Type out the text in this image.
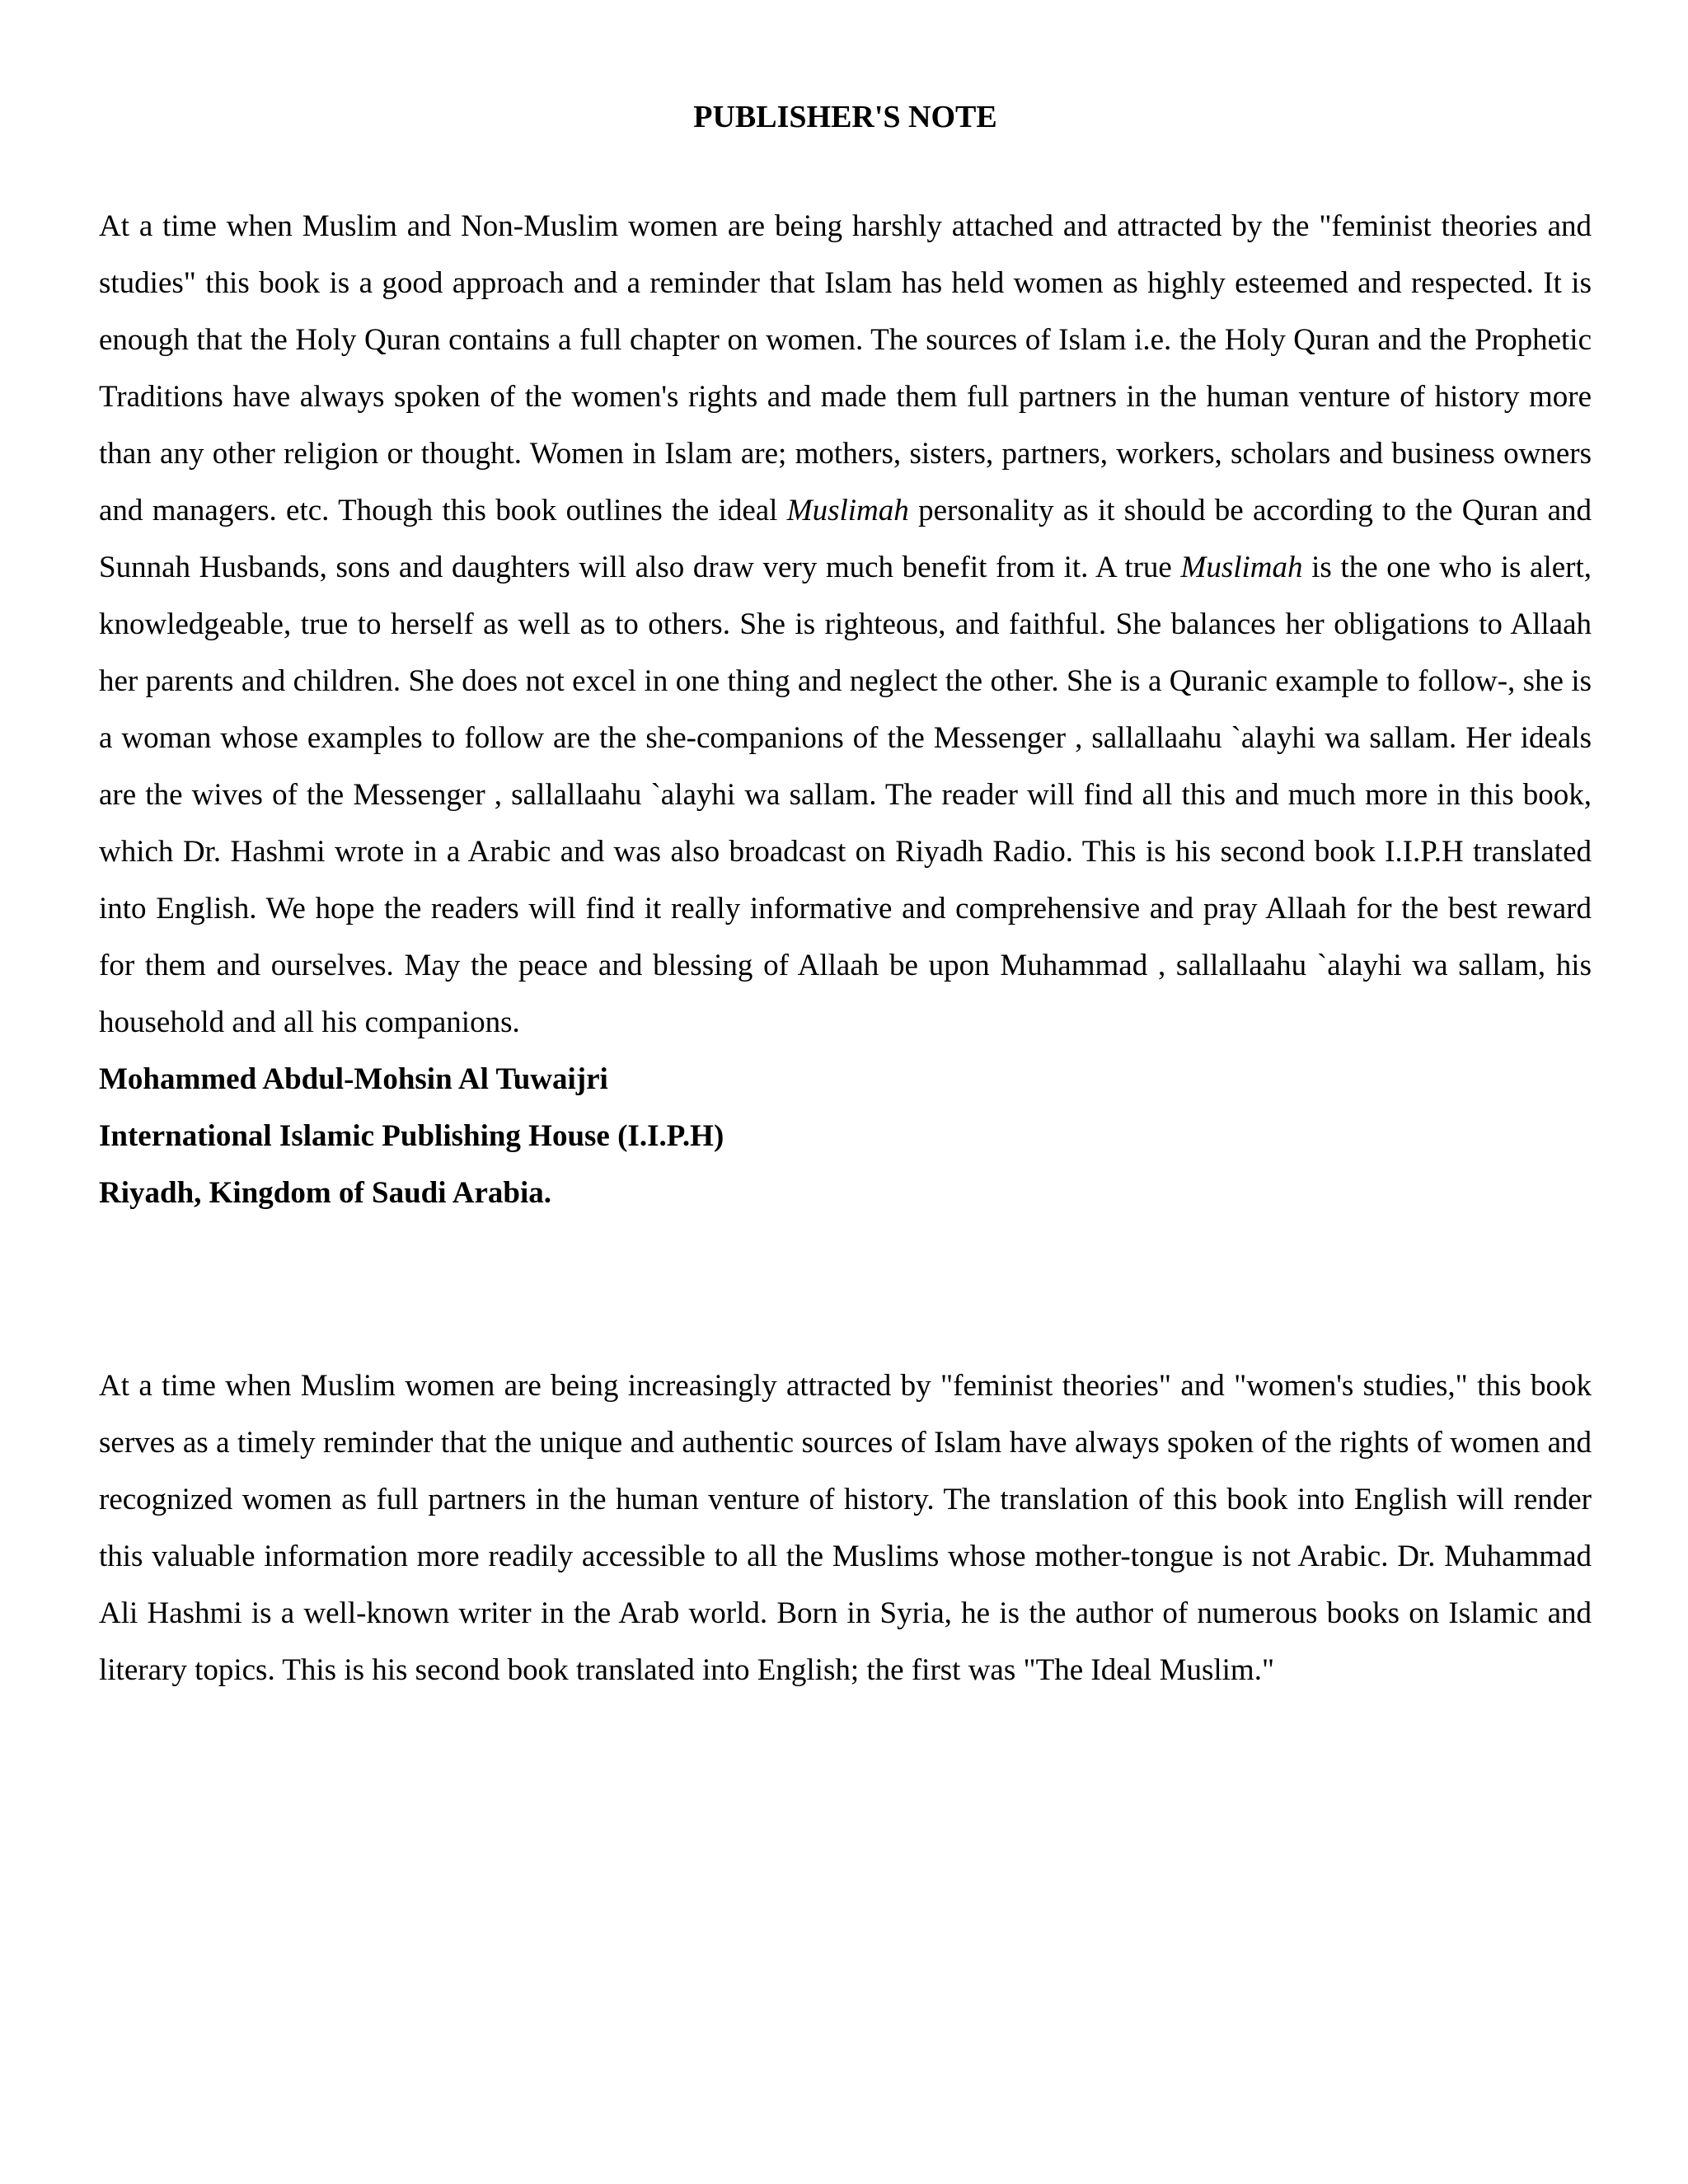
PUBLISHER'S NOTE

At a time when Muslim and Non-Muslim women are being harshly attached and attracted by the "feminist theories and studies" this book is a good approach and a reminder that Islam has held women as highly esteemed and respected. It is enough that the Holy Quran contains a full chapter on women. The sources of Islam i.e. the Holy Quran and the Prophetic Traditions have always spoken of the women's rights and made them full partners in the human venture of history more than any other religion or thought. Women in Islam are; mothers, sisters, partners, workers, scholars and business owners and managers. etc. Though this book outlines the ideal Muslimah personality as it should be according to the Quran and Sunnah Husbands, sons and daughters will also draw very much benefit from it. A true Muslimah is the one who is alert, knowledgeable, true to herself as well as to others. She is righteous, and faithful. She balances her obligations to Allaah her parents and children. She does not excel in one thing and neglect the other. She is a Quranic example to follow-, she is a woman whose examples to follow are the she-companions of the Messenger , sallallaahu `alayhi wa sallam. Her ideals are the wives of the Messenger , sallallaahu `alayhi wa sallam. The reader will find all this and much more in this book, which Dr. Hashmi wrote in a Arabic and was also broadcast on Riyadh Radio. This is his second book I.I.P.H translated into English. We hope the readers will find it really informative and comprehensive and pray Allaah for the best reward for them and ourselves. May the peace and blessing of Allaah be upon Muhammad , sallallaahu `alayhi wa sallam, his household and all his companions.

Mohammed Abdul-Mohsin Al Tuwaijri
International Islamic Publishing House (I.I.P.H)
Riyadh, Kingdom of Saudi Arabia.

At a time when Muslim women are being increasingly attracted by "feminist theories" and "women's studies," this book serves as a timely reminder that the unique and authentic sources of Islam have always spoken of the rights of women and recognized women as full partners in the human venture of history. The translation of this book into English will render this valuable information more readily accessible to all the Muslims whose mother-tongue is not Arabic. Dr. Muhammad Ali Hashmi is a well-known writer in the Arab world. Born in Syria, he is the author of numerous books on Islamic and literary topics. This is his second book translated into English; the first was "The Ideal Muslim."
